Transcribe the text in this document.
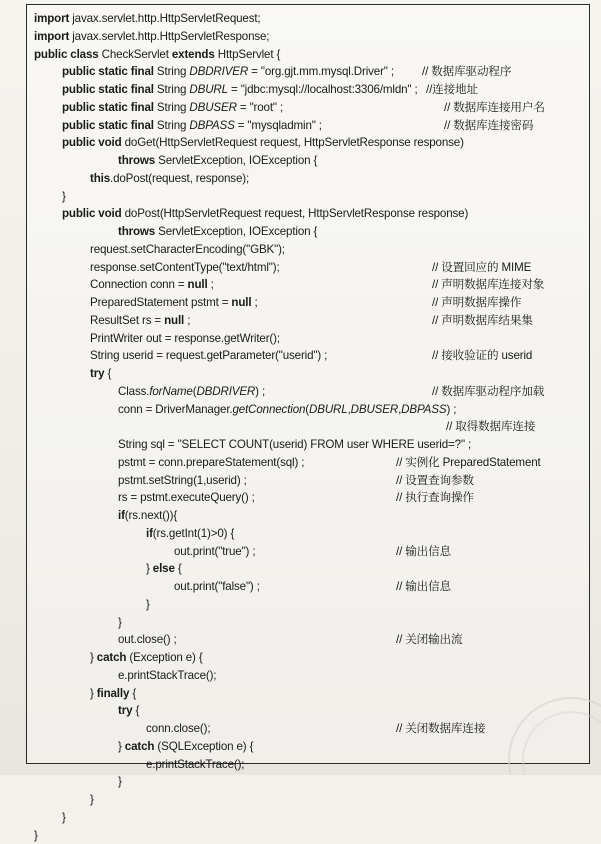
import javax.servlet.http.HttpServletRequest;
import javax.servlet.http.HttpServletResponse;
public class CheckServlet extends HttpServlet {
public static final String DBDRIVER = "org.gjt.mm.mysql.Driver" ; // 数据库驱动程序
public static final String DBURL = "jdbc:mysql://localhost:3306/mldn" ; //连接地址
public static final String DBUSER = "root" ;	// 数据库连接用户名
public static final String DBPASS = "mysqladmin" ;	// 数据库连接密码
public void doGet(HttpServletRequest request, HttpServletResponse response)
throws ServletException, IOException {
this.doPost(request, response);
}
public void doPost(HttpServletRequest request, HttpServletResponse response)
throws ServletException, IOException {
request.setCharacterEncoding("GBK");
response.setContentType("text/html");	// 设置回应的 MIME
Connection conn = null ;	// 声明数据库连接对象
PreparedStatement pstmt = null ;	// 声明数据库操作
ResultSet rs = null ;	// 声明数据库结果集
PrintWriter out = response.getWriter();
String userid = request.getParameter("userid") ;	// 接收验证的 userid
try {
Class.forName(DBDRIVER) ;	// 数据库驱动程序加载
conn = DriverManager.getConnection(DBURL,DBUSER,DBPASS) ;
// 取得数据库连接
String sql = "SELECT COUNT(userid) FROM user WHERE userid=?" ;
pstmt = conn.prepareStatement(sql) ;	// 实例化 PreparedStatement
pstmt.setString(1,userid) ;	// 设置查询参数
rs = pstmt.executeQuery() ;	// 执行查询操作
if(rs.next()){
if(rs.getInt(1)>0) {
out.print("true") ;	// 输出信息
} else {
out.print("false") ;	// 输出信息
}
}
out.close() ;	// 关闭输出流
} catch (Exception e) {
e.printStackTrace();
} finally {
try {
conn.close();	// 关闭数据库连接
} catch (SQLException e) {
e.printStackTrace();
}
}
}
}
